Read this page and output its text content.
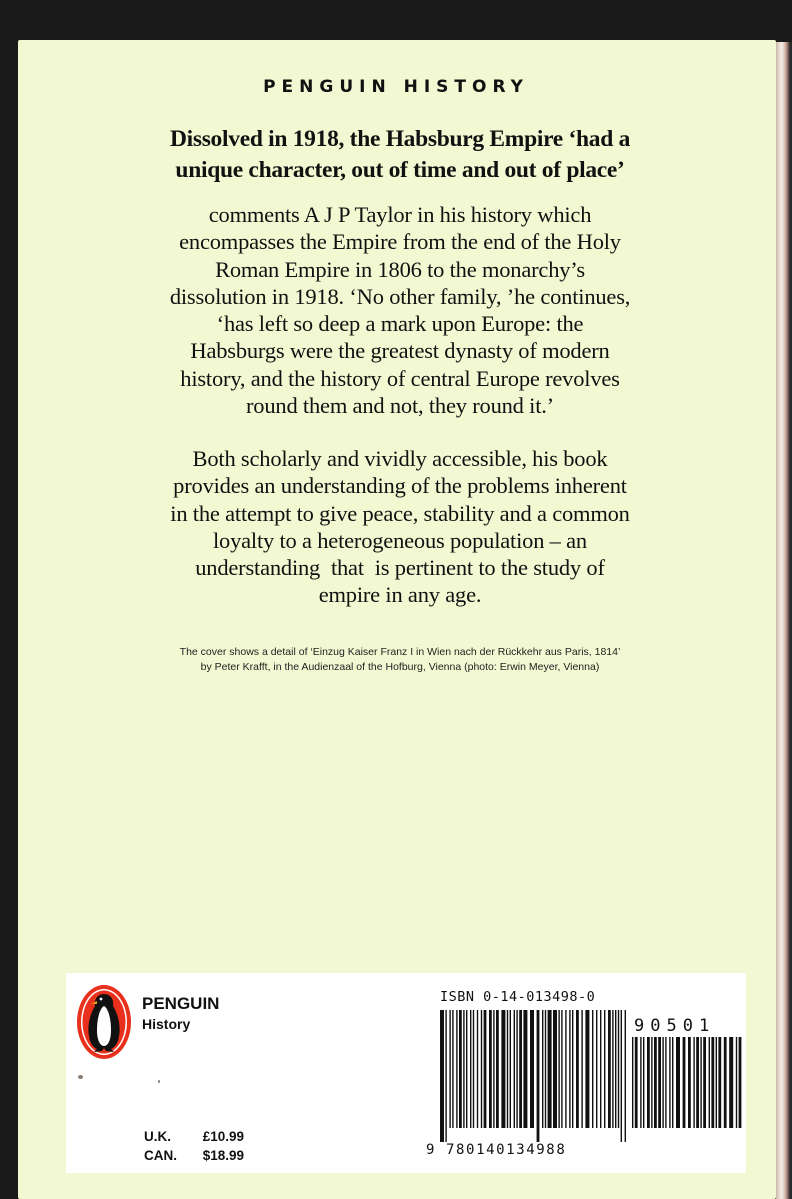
PENGUIN HISTORY
Dissolved in 1918, the Habsburg Empire ‘had a
unique character, out of time and out of place’
comments A J P Taylor in his history which
encompasses the Empire from the end of the Holy
Roman Empire in 1806 to the monarchy’s
dissolution in 1918. ‘No other family, ’he continues,
‘has left so deep a mark upon Europe: the
Habsburgs were the greatest dynasty of modern
history, and the history of central Europe revolves
round them and not, they round it.’
Both scholarly and vividly accessible, his book
provides an understanding of the problems inherent
in the attempt to give peace, stability and a common
loyalty to a heterogeneous population – an
understanding  that  is pertinent to the study of
empire in any age.
The cover shows a detail of ‘Einzug Kaiser Franz I in Wien nach der Rückkehr aus Paris, 1814’
by Peter Krafft, in the Audienzaal of the Hofburg, Vienna (photo: Erwin Meyer, Vienna)
PENGUIN
History
U.K.
CAN.
£10.99
$18.99
ISBN 0-14-013498-0
90501
9 780140134988
